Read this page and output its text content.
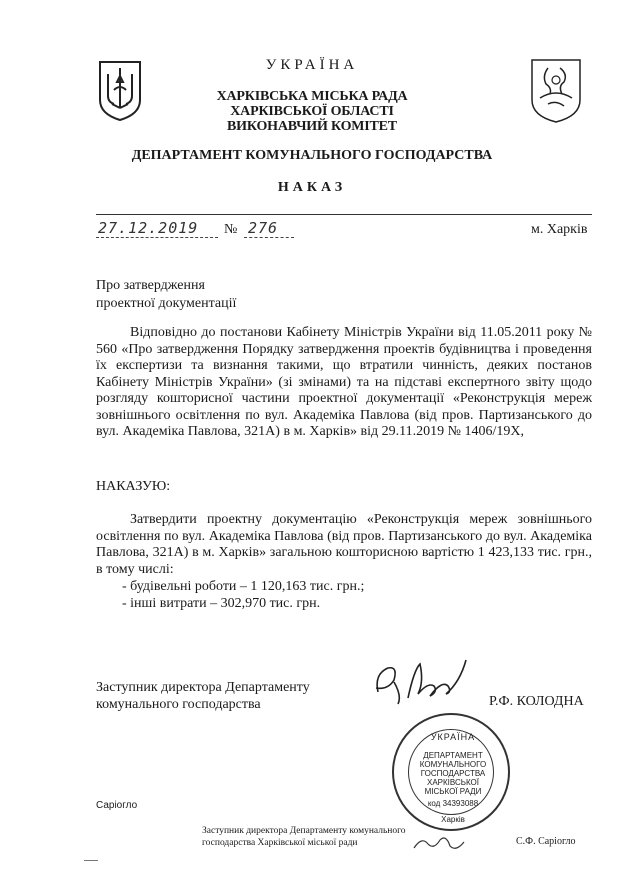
УКРАЇНА
ХАРКІВСЬКА МІСЬКА РАДА
ХАРКІВСЬКОЇ ОБЛАСТІ
ВИКОНАВЧИЙ КОМІТЕТ
ДЕПАРТАМЕНТ КОМУНАЛЬНОГО ГОСПОДАРСТВА
НАКАЗ
27.12.2019 № 276	м. Харків
Про затвердження
проектної документації
Відповідно до постанови Кабінету Міністрів України від 11.05.2011 року № 560 «Про затвердження Порядку затвердження проектів будівництва і проведення їх експертизи та визнання такими, що втратили чинність, деяких постанов Кабінету Міністрів України» (зі змінами) та на підставі експертного звіту щодо розгляду кошторисної частини проектної документації «Реконструкція мереж зовнішнього освітлення по вул. Академіка Павлова (від пров. Партизанського до вул. Академіка Павлова, 321А) в м. Харків» від 29.11.2019 № 1406/19Х,
НАКАЗУЮ:
Затвердити проектну документацію «Реконструкція мереж зовнішнього освітлення по вул. Академіка Павлова (від пров. Партизанського до вул. Академіка Павлова, 321А) в м. Харків» загальною кошторисною вартістю 1 423,133 тис. грн., в тому числі:
- будівельні роботи – 1 120,163 тис. грн.;
- інші витрати – 302,970 тис. грн.
Заступник директора Департаменту
комунального господарства	Р.Ф. КОЛОДНА
УКРАЇНА
ДЕПАРТАМЕНТ
КОМУНАЛЬНОГО
ГОСПОДАРСТВА
ХАРКІВСЬКОЇ
МІСЬКОЇ РАДИ
код 34393088
Харків
Саріогло
Заступник директора Департаменту комунального
господарства Харківської міської ради	С.Ф. Саріогло
